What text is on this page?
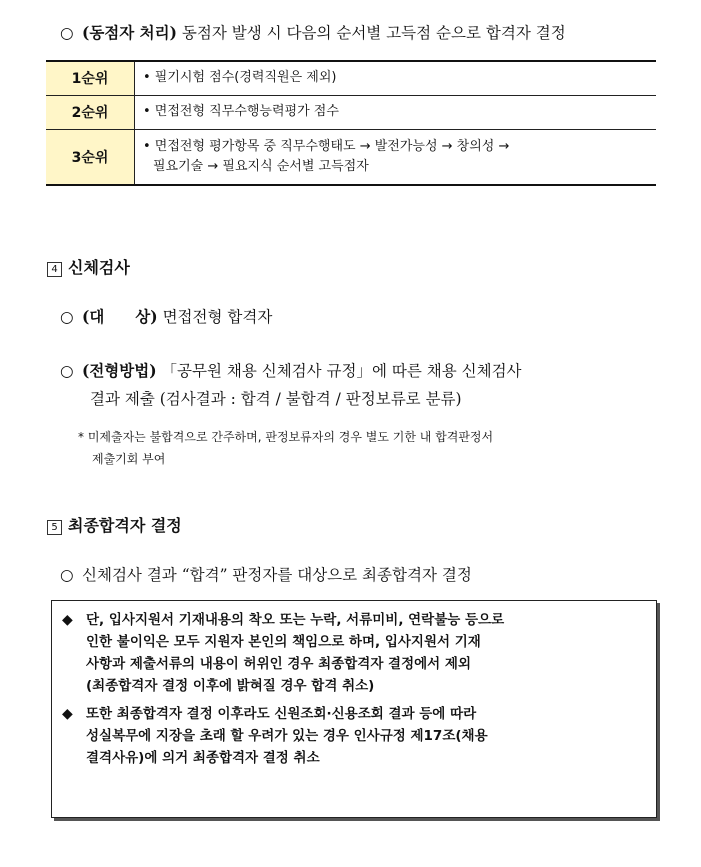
○ (동점자 처리) 동점자 발생 시 다음의 순서별 고득점 순으로 합격자 결정
1순위	• 필기시험 점수(경력직원은 제외)
2순위	• 면접전형 직무수행능력평가 점수
3순위	• 면접전형 평가항목 중 직무수행태도 → 발전가능성 → 창의성 →
필요기술 → 필요지식 순서별 고득점자
4 신체검사
○ (대　　상) 면접전형 합격자
○ (전형방법) 「공무원 채용 신체검사 규정」에 따른 채용 신체검사
결과 제출 (검사결과 : 합격 / 불합격 / 판정보류로 분류)
* 미제출자는 불합격으로 간주하며, 판정보류자의 경우 별도 기한 내 합격판정서
제출기회 부여
5 최종합격자 결정
○ 신체검사 결과 “합격” 판정자를 대상으로 최종합격자 결정
◆ 단, 입사지원서 기재내용의 착오 또는 누락, 서류미비, 연락불능 등으로
인한 불이익은 모두 지원자 본인의 책임으로 하며, 입사지원서 기재
사항과 제출서류의 내용이 허위인 경우 최종합격자 결정에서 제외
(최종합격자 결정 이후에 밝혀질 경우 합격 취소)
◆ 또한 최종합격자 결정 이후라도 신원조회·신용조회 결과 등에 따라
성실복무에 지장을 초래 할 우려가 있는 경우 인사규정 제17조(채용
결격사유)에 의거 최종합격자 결정 취소
